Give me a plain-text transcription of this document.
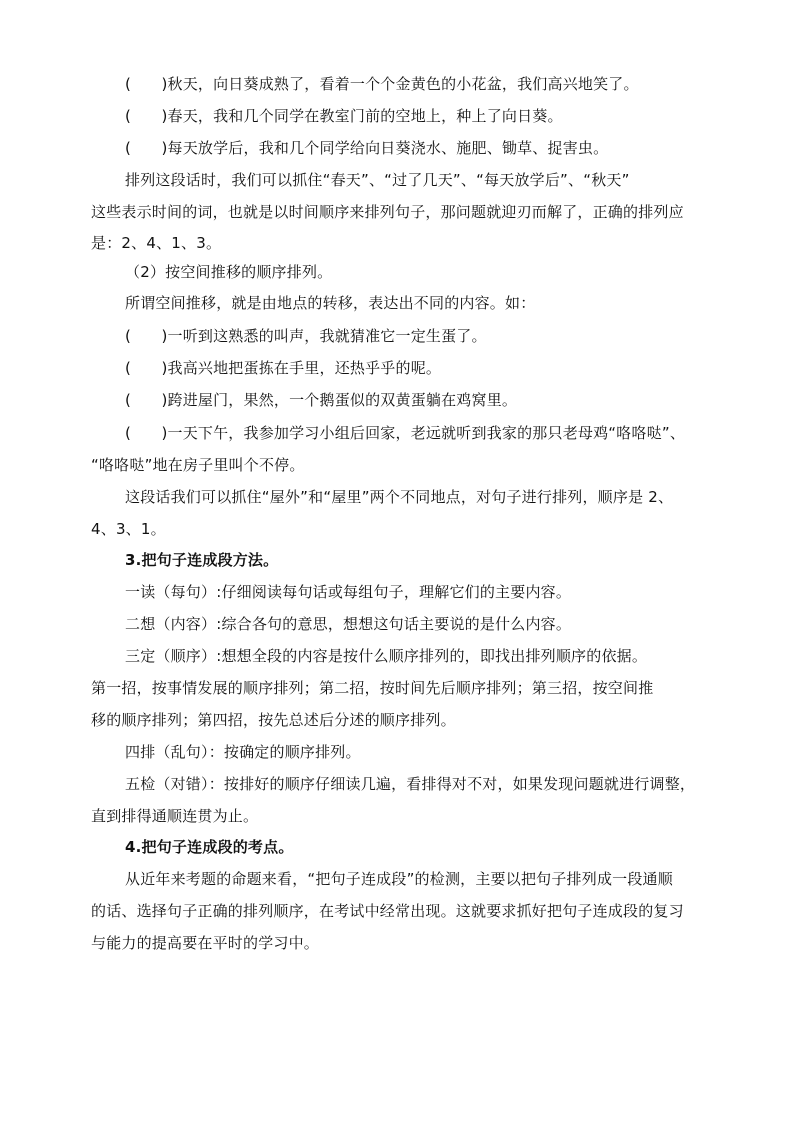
(　　)秋天，向日葵成熟了，看着一个个金黄色的小花盆，我们高兴地笑了。
(　　)春天，我和几个同学在教室门前的空地上，种上了向日葵。
(　　)每天放学后，我和几个同学给向日葵浇水、施肥、锄草、捉害虫。
排列这段话时，我们可以抓住“春天”、“过了几天”、“每天放学后”、“秋天”
这些表示时间的词，也就是以时间顺序来排列句子，那问题就迎刃而解了，正确的排列应
是：2、4、1、3。
（2）按空间推移的顺序排列。
所谓空间推移，就是由地点的转移，表达出不同的内容。如：
(　　)一听到这熟悉的叫声，我就猜准它一定生蛋了。
(　　)我高兴地把蛋拣在手里，还热乎乎的呢。
(　　)跨进屋门，果然，一个鹅蛋似的双黄蛋躺在鸡窝里。
(　　)一天下午，我参加学习小组后回家，老远就听到我家的那只老母鸡“咯咯哒”、
“咯咯哒”地在房子里叫个不停。
这段话我们可以抓住“屋外”和“屋里”两个不同地点，对句子进行排列，顺序是 2、
4、3、1。
3.把句子连成段方法。
一读（每句）:仔细阅读每句话或每组句子，理解它们的主要内容。
二想（内容）:综合各句的意思，想想这句话主要说的是什么内容。
三定（顺序）:想想全段的内容是按什么顺序排列的，即找出排列顺序的依据。
第一招，按事情发展的顺序排列；第二招，按时间先后顺序排列；第三招，按空间推
移的顺序排列；第四招，按先总述后分述的顺序排列。
四排（乱句）：按确定的顺序排列。
五检（对错）：按排好的顺序仔细读几遍，看排得对不对，如果发现问题就进行调整，
直到排得通顺连贯为止。
4.把句子连成段的考点。
从近年来考题的命题来看，“把句子连成段”的检测，主要以把句子排列成一段通顺
的话、选择句子正确的排列顺序，在考试中经常出现。这就要求抓好把句子连成段的复习
与能力的提高要在平时的学习中。
